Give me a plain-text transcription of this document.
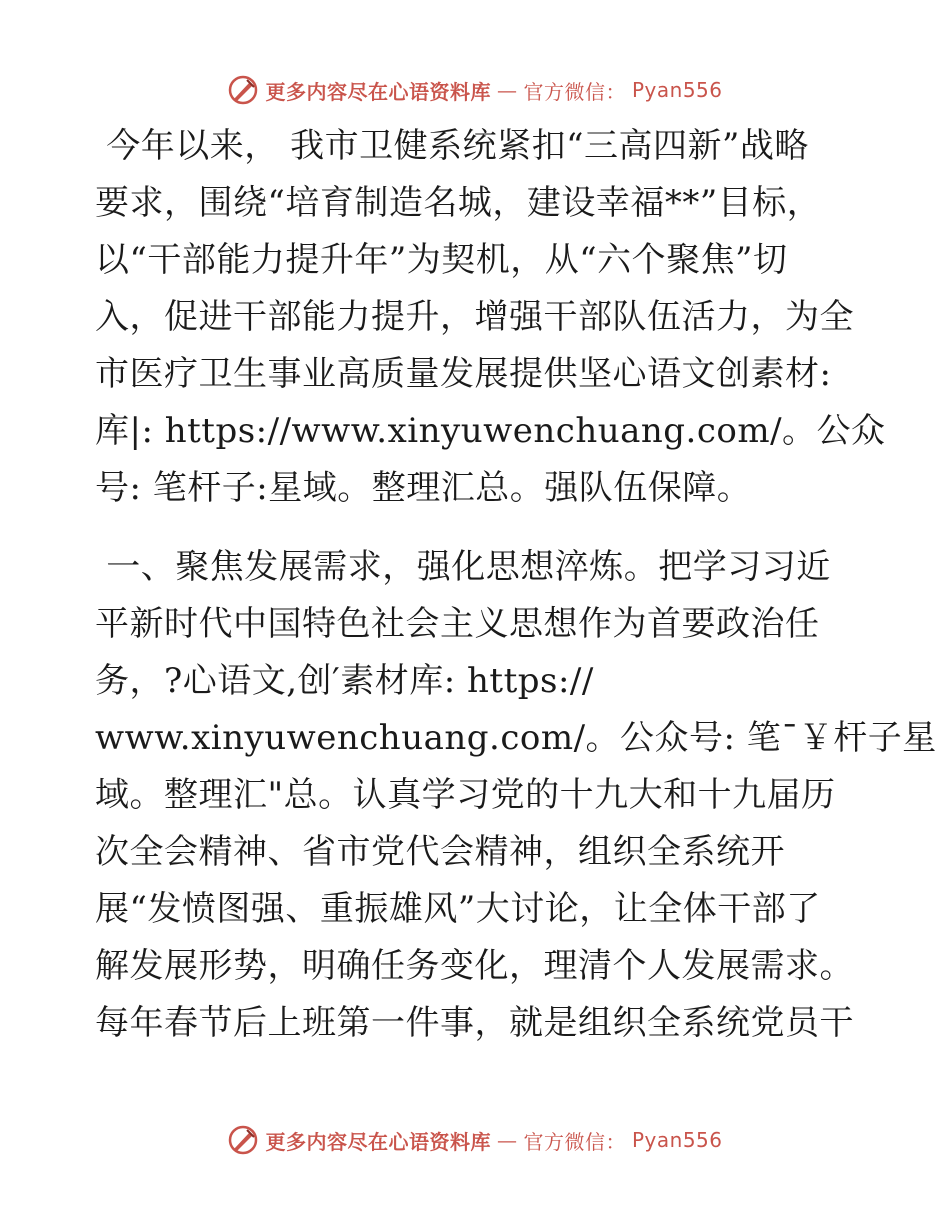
更多内容尽在心语资料库 — 官方微信： Pyan556
今年以来， 我市卫健系统紧扣“三高四新”战略
要求，围绕“培育制造名城，建设幸福**”目标，
以“干部能力提升年”为契机，从“六个聚焦”切
入，促进干部能力提升，增强干部队伍活力，为全
市医疗卫生事业高质量发展提供坚心语文创素材:
库|: https://www.xinyuwenchuang.com/。公众
号: 笔杆子:星域。整理汇总。强队伍保障。
一、聚焦发展需求，强化思想淬炼。把学习习近
平新时代中国特色社会主义思想作为首要政治任
务，?心语文,创′素材库: https://
www.xinyuwenchuang.com/。公众号: 笔¯￥杆子星
域。整理汇"总。认真学习党的十九大和十九届历
次全会精神、省市党代会精神，组织全系统开
展“发愤图强、重振雄风”大讨论，让全体干部了
解发展形势，明确任务变化，理清个人发展需求。
每年春节后上班第一件事，就是组织全系统党员干
更多内容尽在心语资料库 — 官方微信： Pyan556
